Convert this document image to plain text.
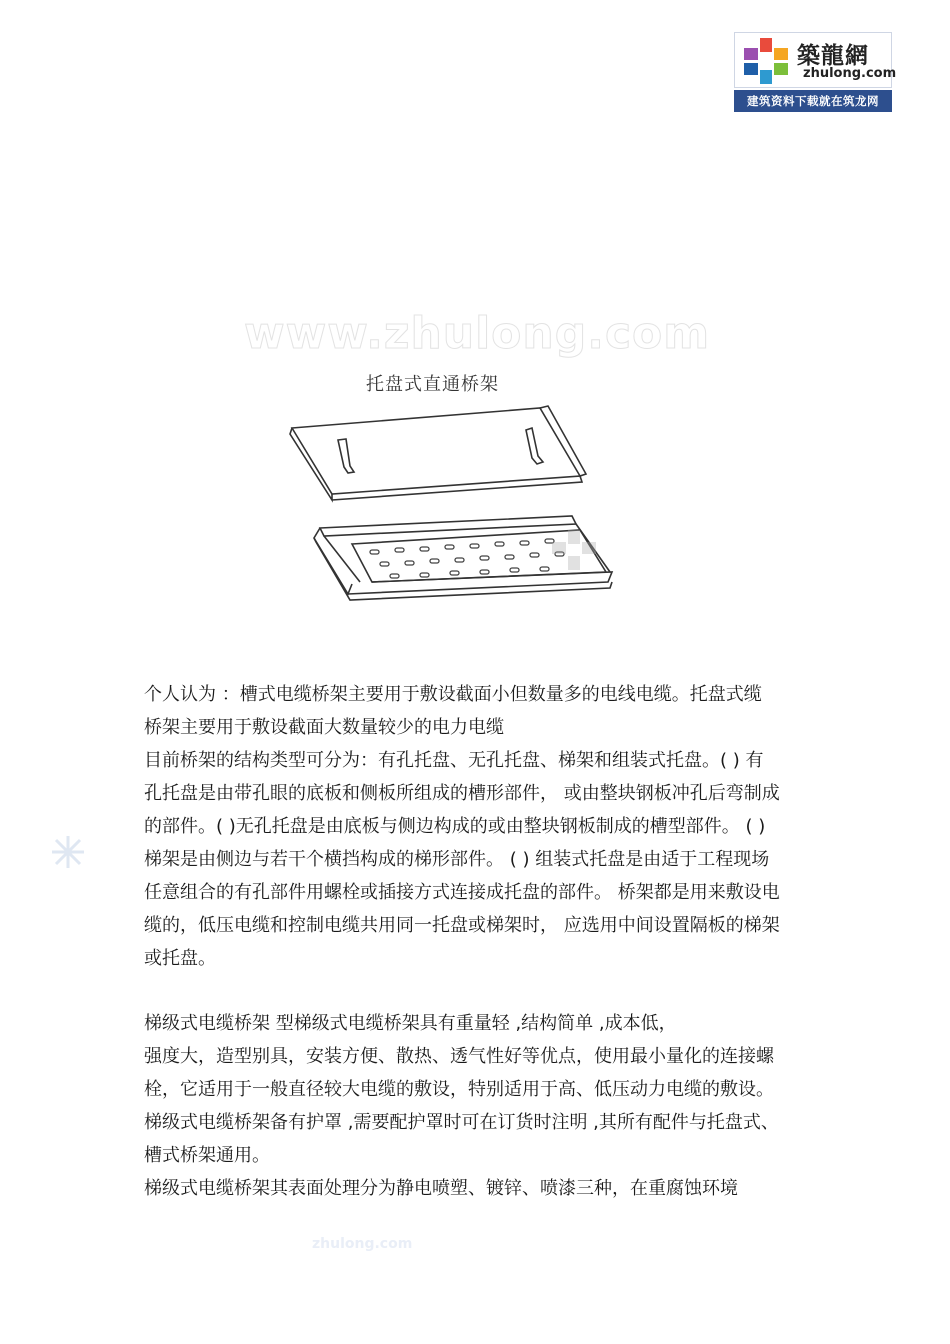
築龍網
zhulong.com
建筑资料下载就在筑龙网
www.zhulong.com
托盘式直通桥架

个人认为 ：槽式电缆桥架主要用于敷设截面小但数量多的电线电缆。托盘式缆

桥架主要用于敷设截面大数量较少的电力电缆

目前桥架的结构类型可分为：有孔托盘、无孔托盘、梯架和组装式托盘。( ) 有

孔托盘是由带孔眼的底板和侧板所组成的槽形部件， 或由整块钢板冲孔后弯制成

的部件。( )无孔托盘是由底板与侧边构成的或由整块钢板制成的槽型部件。 ( )

梯架是由侧边与若干个横挡构成的梯形部件。 ( ) 组装式托盘是由适于工程现场

任意组合的有孔部件用螺栓或插接方式连接成托盘的部件。 桥架都是用来敷设电

缆的，低压电缆和控制电缆共用同一托盘或梯架时， 应选用中间设置隔板的梯架

或托盘。

梯级式电缆桥架 型梯级式电缆桥架具有重量轻 ,结构简单 ,成本低，

强度大，造型别具，安装方便、散热、透气性好等优点，使用最小量化的连接螺

栓，它适用于一般直径较大电缆的敷设，特别适用于高、低压动力电缆的敷设。

梯级式电缆桥架备有护罩 ,需要配护罩时可在订货时注明 ,其所有配件与托盘式、

槽式桥架通用。

梯级式电缆桥架其表面处理分为静电喷塑、镀锌、喷漆三种，在重腐蚀环境

zhulong.com
